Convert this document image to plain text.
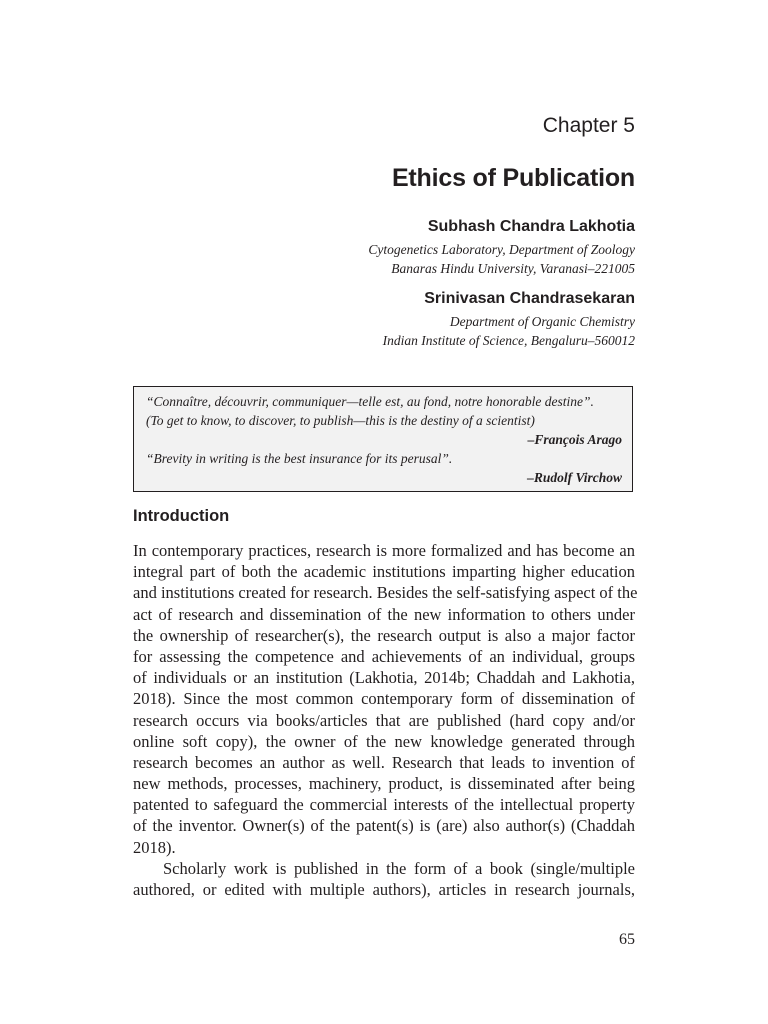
Chapter 5
Ethics of Publication
Subhash Chandra Lakhotia
Cytogenetics Laboratory, Department of Zoology
Banaras Hindu University, Varanasi–221005
Srinivasan Chandrasekaran
Department of Organic Chemistry
Indian Institute of Science, Bengaluru–560012
“Connaître, découvrir, communiquer—telle est, au fond, notre honorable destine”.
(To get to know, to discover, to publish—this is the destiny of a scientist)
–François Arago
“Brevity in writing is the best insurance for its perusal”.
–Rudolf Virchow
Introduction
In contemporary practices, research is more formalized and has become an
integral part of both the academic institutions imparting higher education
and institutions created for research. Besides the self-satisfying aspect of the
act of research and dissemination of the new information to others under
the ownership of researcher(s), the research output is also a major factor
for assessing the competence and achievements of an individual, groups
of individuals or an institution (Lakhotia, 2014b; Chaddah and Lakhotia,
2018). Since the most common contemporary form of dissemination of
research occurs via books/articles that are published (hard copy and/or
online soft copy), the owner of the new knowledge generated through
research becomes an author as well. Research that leads to invention of
new methods, processes, machinery, product, is disseminated after being
patented to safeguard the commercial interests of the intellectual property
of the inventor. Owner(s) of the patent(s) is (are) also author(s) (Chaddah
2018).
Scholarly work is published in the form of a book (single/multiple
authored, or edited with multiple authors), articles in research journals,
65
